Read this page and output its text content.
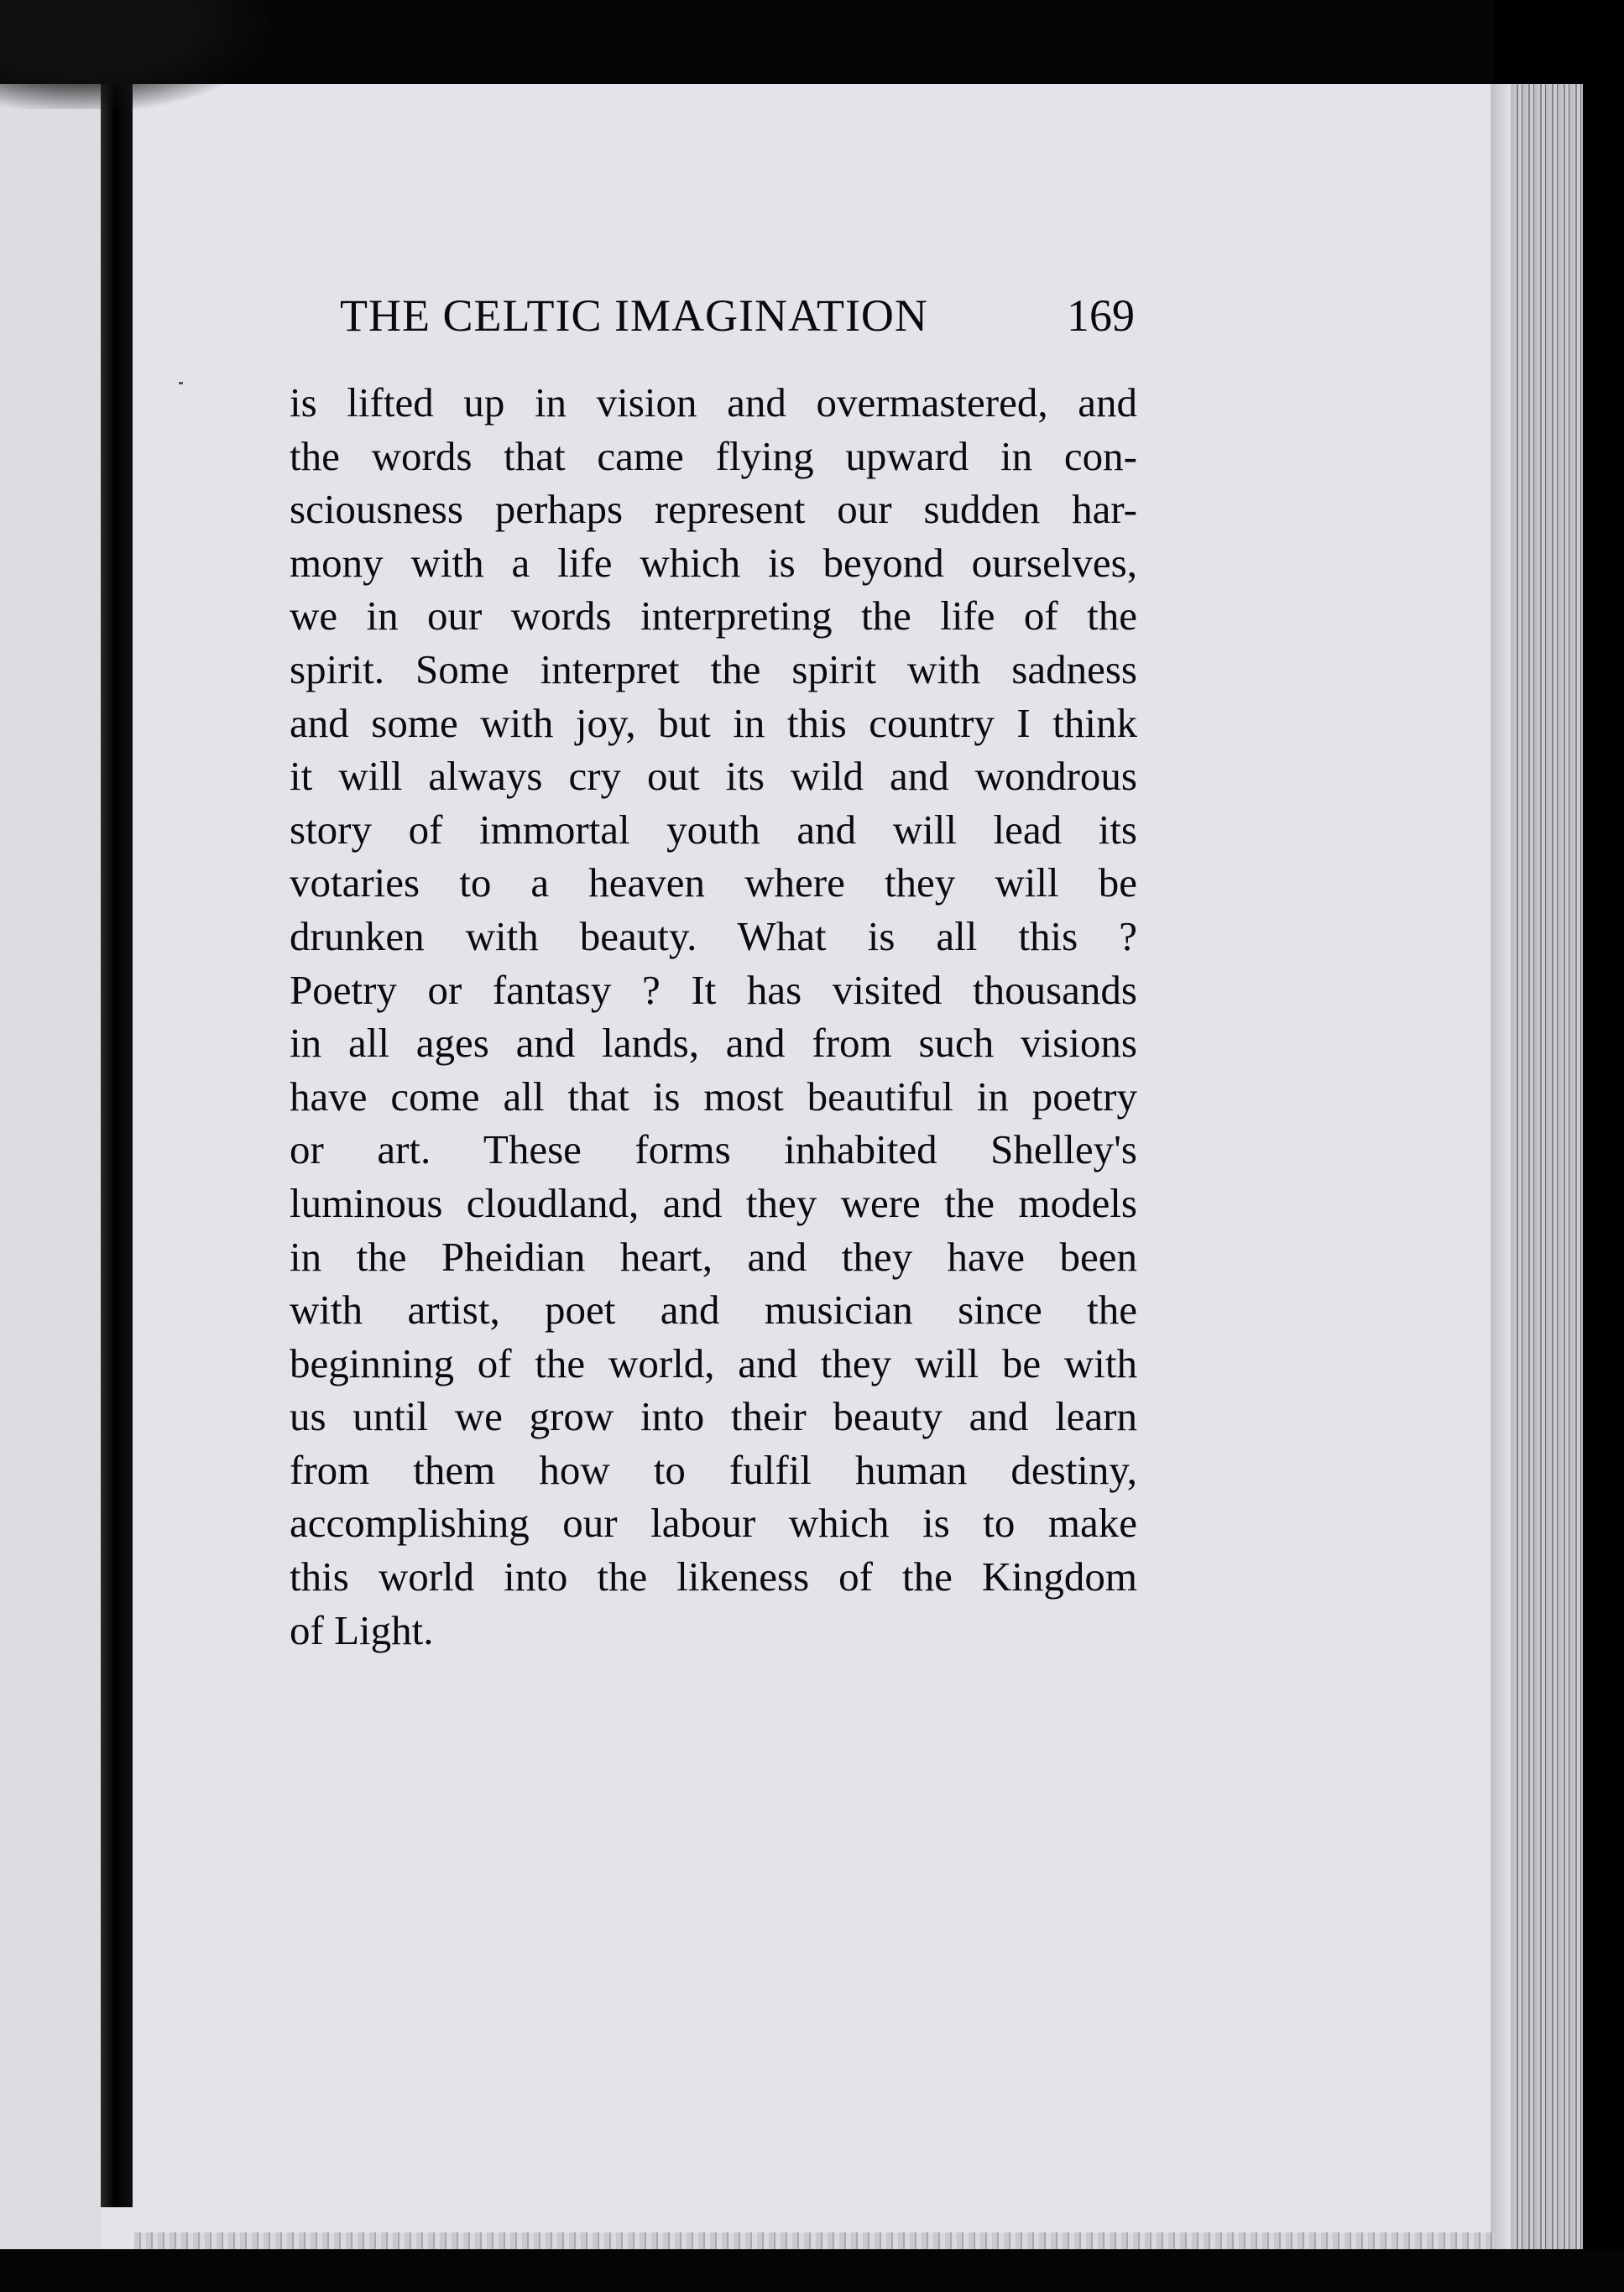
THE CELTIC IMAGINATION	169
is lifted up in vision and overmastered, and
the words that came flying upward in con-
sciousness perhaps represent our sudden har-
mony with a life which is beyond ourselves,
we in our words interpreting the life of the
spirit. Some interpret the spirit with sadness
and some with joy, but in this country I think
it will always cry out its wild and wondrous
story of immortal youth and will lead its
votaries to a heaven where they will be
drunken with beauty. What is all this ?
Poetry or fantasy ? It has visited thousands
in all ages and lands, and from such visions
have come all that is most beautiful in poetry
or art. These forms inhabited Shelley's
luminous cloudland, and they were the models
in the Pheidian heart, and they have been
with artist, poet and musician since the
beginning of the world, and they will be with
us until we grow into their beauty and learn
from them how to fulfil human destiny,
accomplishing our labour which is to make
this world into the likeness of the Kingdom
of Light.
